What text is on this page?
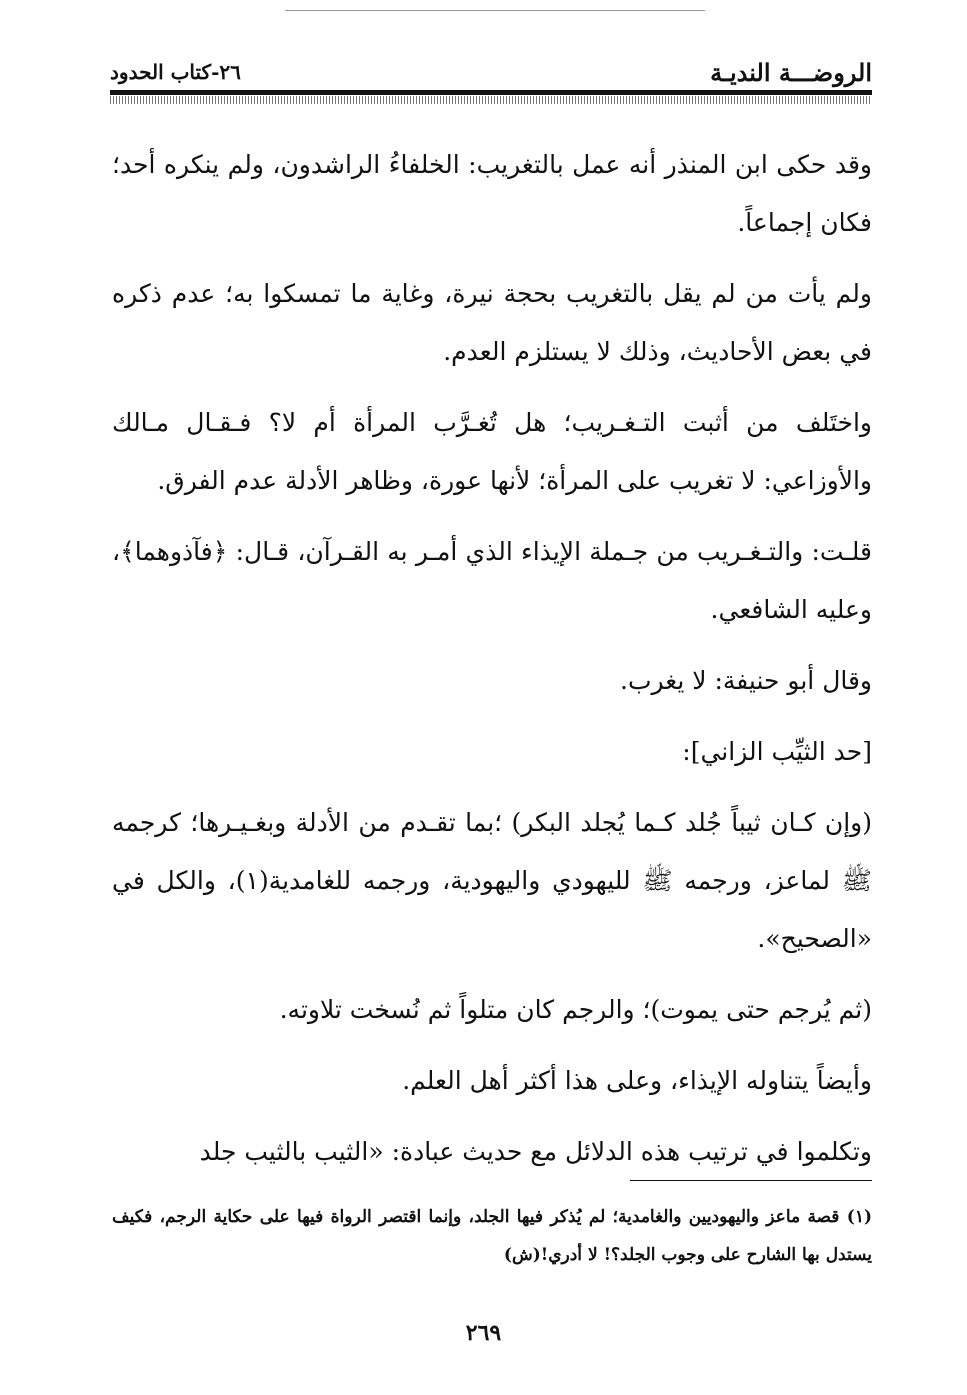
الروضـــة النديـة
٢٦-كتاب الحدود

وقد حكى ابن المنذر أنه عمل بالتغريب: الخلفاءُ الراشدون، ولم ينكره أحد؛ فكان إجماعاً.

ولم يأت من لم يقل بالتغريب بحجة نيرة، وغاية ما تمسكوا به؛ عدم ذكره في بعض الأحاديث، وذلك لا يستلزم العدم.

واختَلف من أثبت التـغـريب؛ هل تُغـرَّب المرأة أم لا؟ فـقـال مـالك والأوزاعي: لا تغريب على المرأة؛ لأنها عورة، وظاهر الأدلة عدم الفرق.

قلـت: والتـغـريب من جـملة الإيذاء الذي أمـر به القـرآن، قـال: ﴿فآذوهما﴾، وعليه الشافعي.

وقال أبو حنيفة: لا يغرب.

[حد الثيِّب الزاني]:

(وإن كـان ثيباً جُلد كـما يُجلد البكر) ؛بما تقـدم من الأدلة وبغـيـرها؛ كرجمه ﷺ لماعز، ورجمه ﷺ لليهودي واليهودية، ورجمه للغامدية(١)، والكل في «الصحيح».

(ثم يُرجم حتى يموت)؛ والرجم كان متلواً ثم نُسخت تلاوته.

وأيضاً يتناوله الإيذاء، وعلى هذا أكثر أهل العلم.

وتكلموا في ترتيب هذه الدلائل مع حديث عبادة: «الثيب بالثيب جلد

(١) قصة ماعز واليهوديين والغامدية؛ لم يُذكر فيها الجلد، وإنما اقتصر الرواة فيها على حكاية الرجم، فكيف يستدل بها الشارح على وجوب الجلد؟! لا أدري!(ش)
٢٦٩
